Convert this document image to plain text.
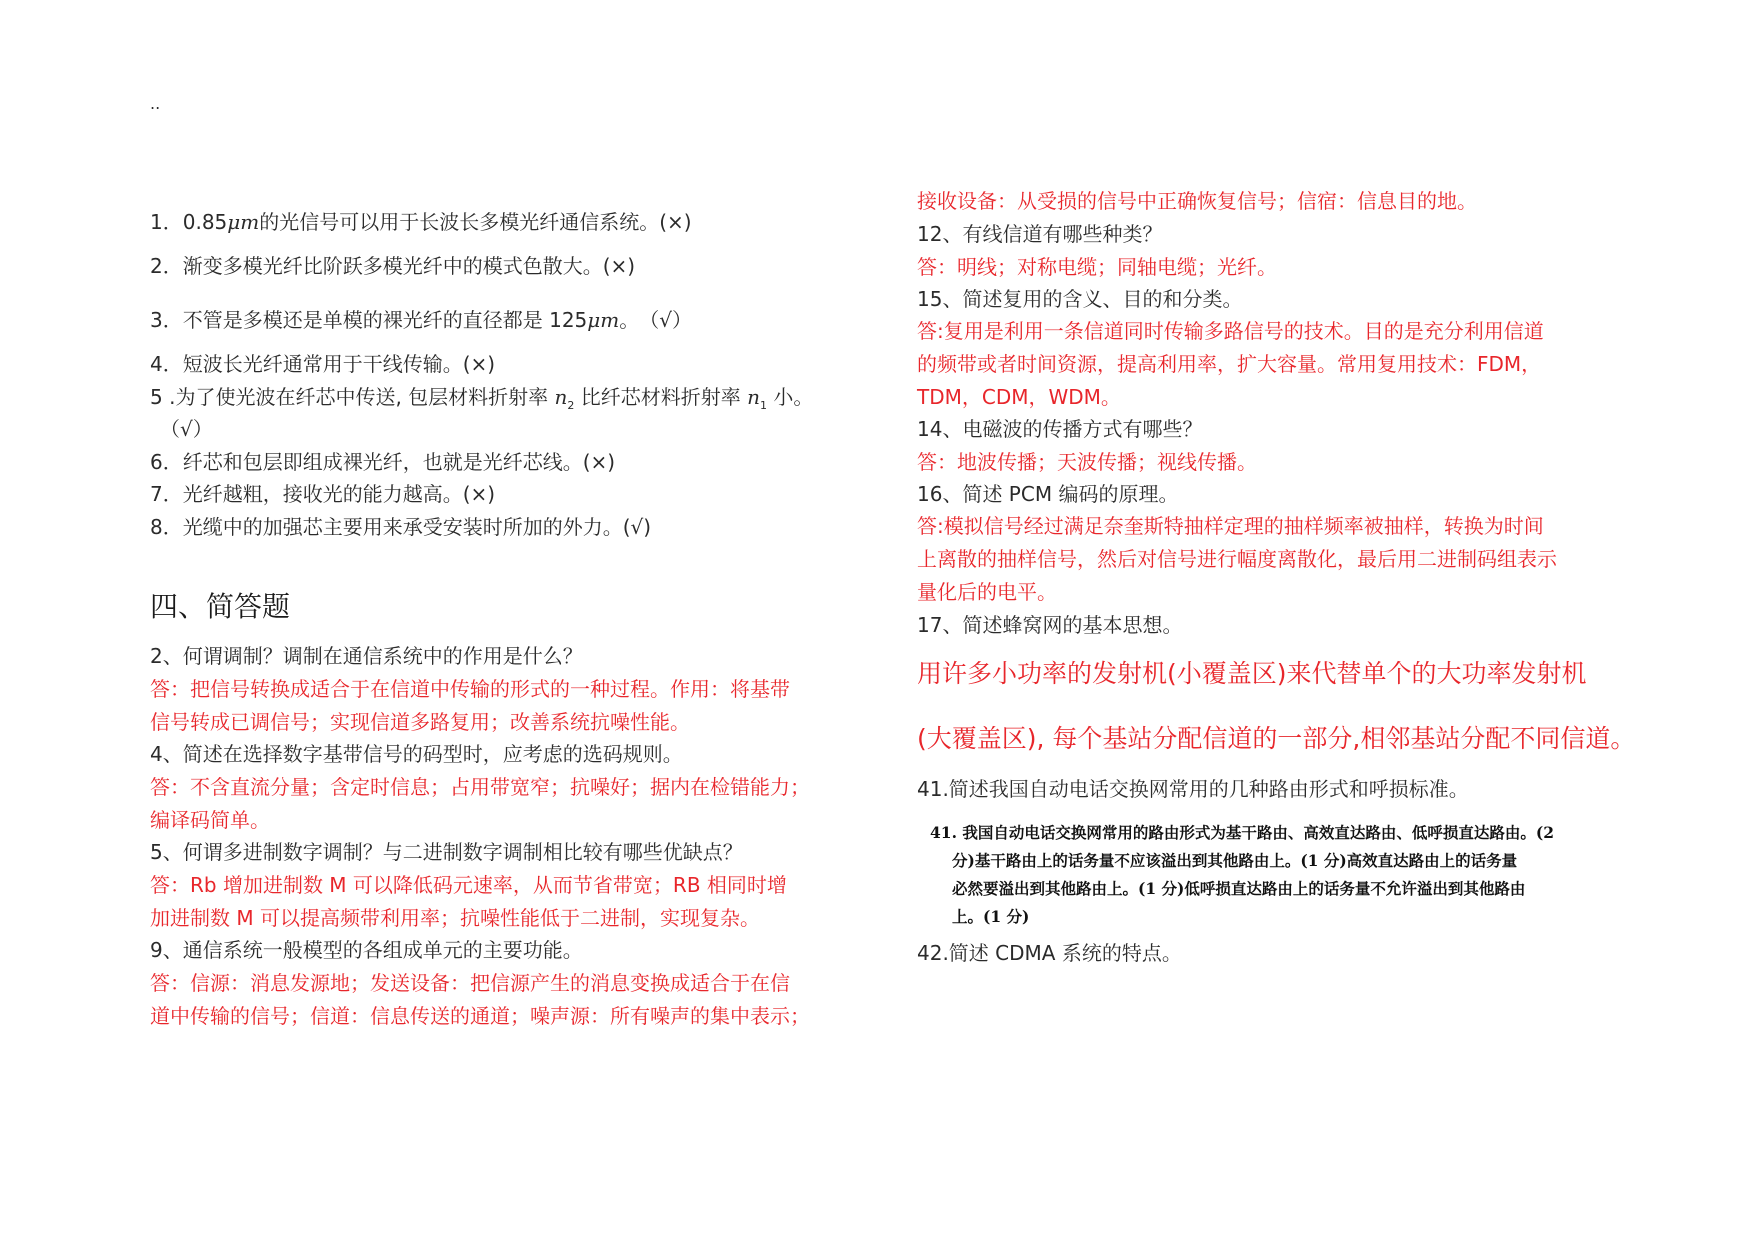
..
1．0.85μm的光信号可以用于长波长多模光纤通信系统。(×)
2．渐变多模光纤比阶跃多模光纤中的模式色散大。(×)
3．不管是多模还是单模的裸光纤的直径都是 125μm。　（√）
4．短波长光纤通常用于干线传输。(×)
5 .为了使光波在纤芯中传送, 包层材料折射率 $n_2$ 比纤芯材料折射率 $n_1$ 小。
（√）
6．纤芯和包层即组成裸光纤，也就是光纤芯线。(×)
7．光纤越粗，接收光的能力越高。(×)
8．光缆中的加强芯主要用来承受安装时所加的外力。(√)
四、简答题
2、何谓调制？调制在通信系统中的作用是什么？
答：把信号转换成适合于在信道中传输的形式的一种过程。作用：将基带
信号转成已调信号；实现信道多路复用；改善系统抗噪性能。
4、简述在选择数字基带信号的码型时，应考虑的选码规则。
答：不含直流分量；含定时信息；占用带宽窄；抗噪好；据内在检错能力；
编译码简单。
5、何谓多进制数字调制？与二进制数字调制相比较有哪些优缺点？
答：Rb 增加进制数 M 可以降低码元速率，从而节省带宽；RB 相同时增
加进制数 M 可以提高频带利用率；抗噪性能低于二进制，实现复杂。
9、通信系统一般模型的各组成单元的主要功能。
答：信源：消息发源地；发送设备：把信源产生的消息变换成适合于在信
道中传输的信号；信道：信息传送的通道；噪声源：所有噪声的集中表示；
接收设备：从受损的信号中正确恢复信号；信宿：信息目的地。
12、有线信道有哪些种类？
答：明线；对称电缆；同轴电缆；光纤。
15、简述复用的含义、目的和分类。
答:复用是利用一条信道同时传输多路信号的技术。目的是充分利用信道
的频带或者时间资源，提高利用率，扩大容量。常用复用技术：FDM，
TDM，CDM，WDM。
14、电磁波的传播方式有哪些？
答：地波传播；天波传播；视线传播。
16、简述 PCM 编码的原理。
答:模拟信号经过满足奈奎斯特抽样定理的抽样频率被抽样，转换为时间
上离散的抽样信号，然后对信号进行幅度离散化，最后用二进制码组表示
量化后的电平。
17、简述蜂窝网的基本思想。
用许多小功率的发射机(小覆盖区)来代替单个的大功率发射机
(大覆盖区), 每个基站分配信道的一部分,相邻基站分配不同信道。
41.简述我国自动电话交换网常用的几种路由形式和呼损标准。
41. 我国自动电话交换网常用的路由形式为基干路由、高效直达路由、低呼损直达路由。(2
分)基干路由上的话务量不应该溢出到其他路由上。(1 分)高效直达路由上的话务量
必然要溢出到其他路由上。(1 分)低呼损直达路由上的话务量不允许溢出到其他路由
上。(1 分)
42.简述 CDMA 系统的特点。
